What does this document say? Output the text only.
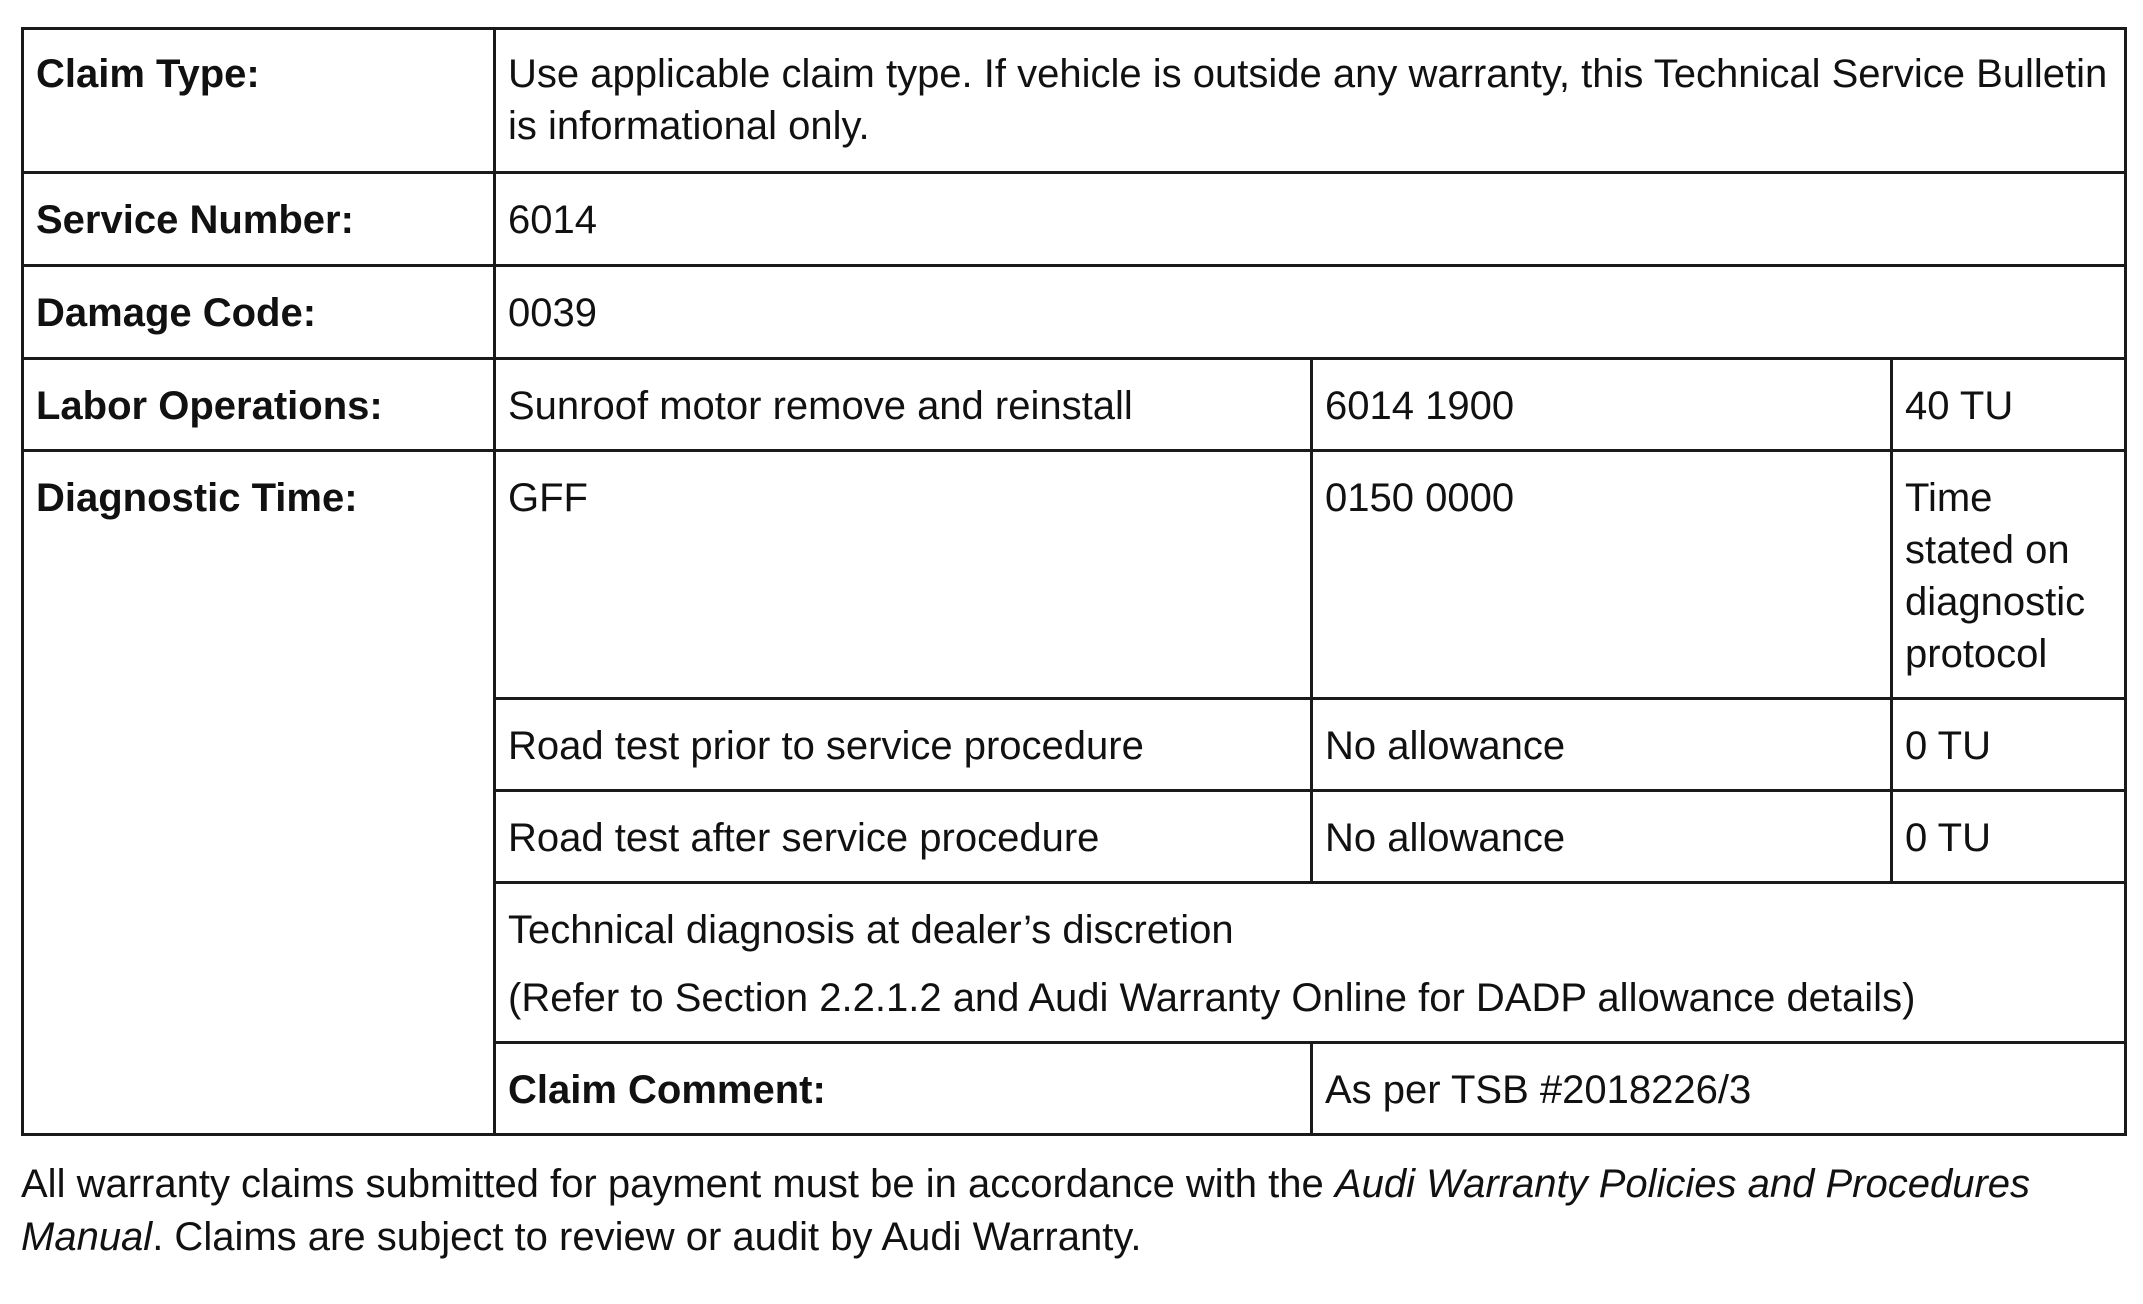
Claim Type:	Use applicable claim type. If vehicle is outside any warranty, this Technical Service Bulletin is informational only.		
Service Number:	6014		
Damage Code:	0039		
Labor Operations:	Sunroof motor remove and reinstall	6014 1900	40 TU
Diagnostic Time:	GFF	0150 0000	Time stated on diagnostic protocol
	Road test prior to service procedure	No allowance	0 TU
	Road test after service procedure	No allowance	0 TU

	Technical diagnosis at dealer’s discretion
(Refer to Section 2.2.1.2 and Audi Warranty Online for DADP allowance details)		

	Claim Comment:	As per TSB #2018226/3	

All warranty claims submitted for payment must be in accordance with the Audi Warranty Policies and Procedures Manual. Claims are subject to review or audit by Audi Warranty.
